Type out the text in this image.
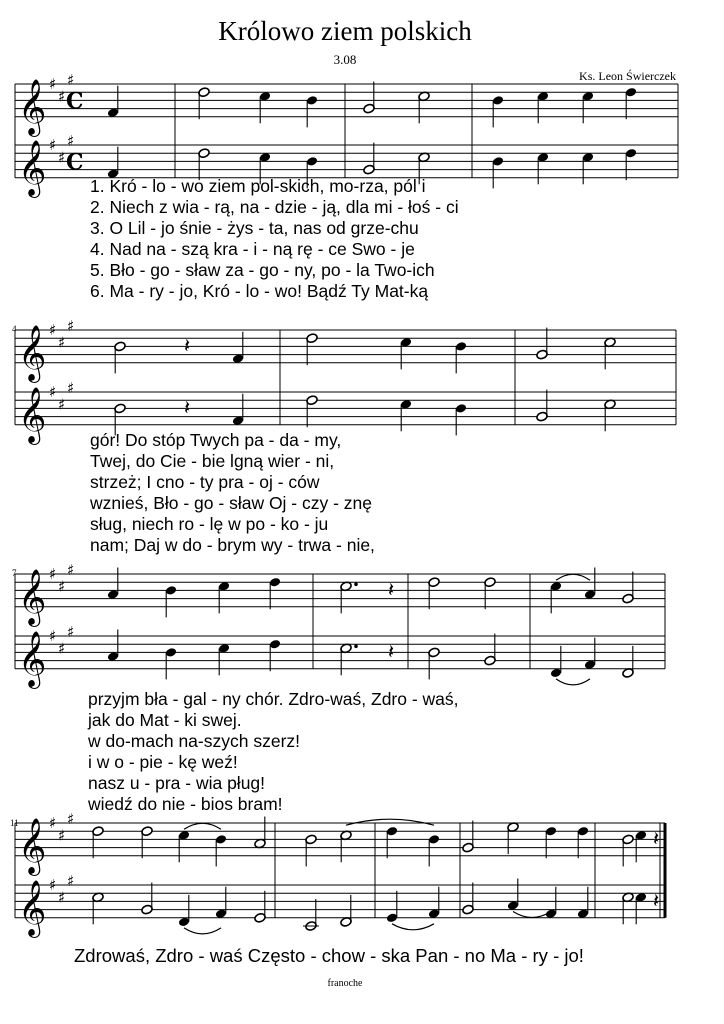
Królowo ziem polskich
3.08
Ks. Leon Świerczek
4
7
11
franoche
𝄞 ♯
♯
♯
𝄞 ♯
♯
♯
C
C
𝄞 ♯
♯
♯
𝄞 ♯
♯
♯
𝄞 ♯
♯
♯
𝄞 ♯
♯
♯
𝄞 ♯
♯
♯
𝄞 ♯
♯
♯
𝄽
𝄽
𝄽
𝄽
𝄽
𝄽
1. Kró - lo - wo ziem pol-skich, mo-rza, pól i
2. Niech z wia - rą, na - dzie - ją, dla mi - łoś - ci
3. O Lil - jo śnie - żys - ta, nas od grze-chu
4. Nad na - szą kra - i - ną rę - ce Swo - je
5. Bło - go - sław za - go - ny, po - la Two-ich
6. Ma - ry - jo, Kró - lo - wo! Bądź Ty Mat-ką
gór! Do stóp Twych pa - da - my,
Twej, do Cie - bie lgną wier - ni,
strzeż; I cno - ty pra - oj - ców
wznieś, Bło - go - sław Oj - czy - znę
sług, niech ro - lę w po - ko - ju
nam; Daj w do - brym wy - trwa - nie,
przyjm bła - gal - ny chór. Zdro-waś, Zdro - waś,
jak do Mat - ki swej.
w do-mach na-szych szerz!
i w o - pie - kę weź!
nasz u - pra - wia pług!
wiedź do nie - bios bram!
Zdrowaś, Zdro - waś Często - chow - ska Pan - no Ma - ry - jo!
